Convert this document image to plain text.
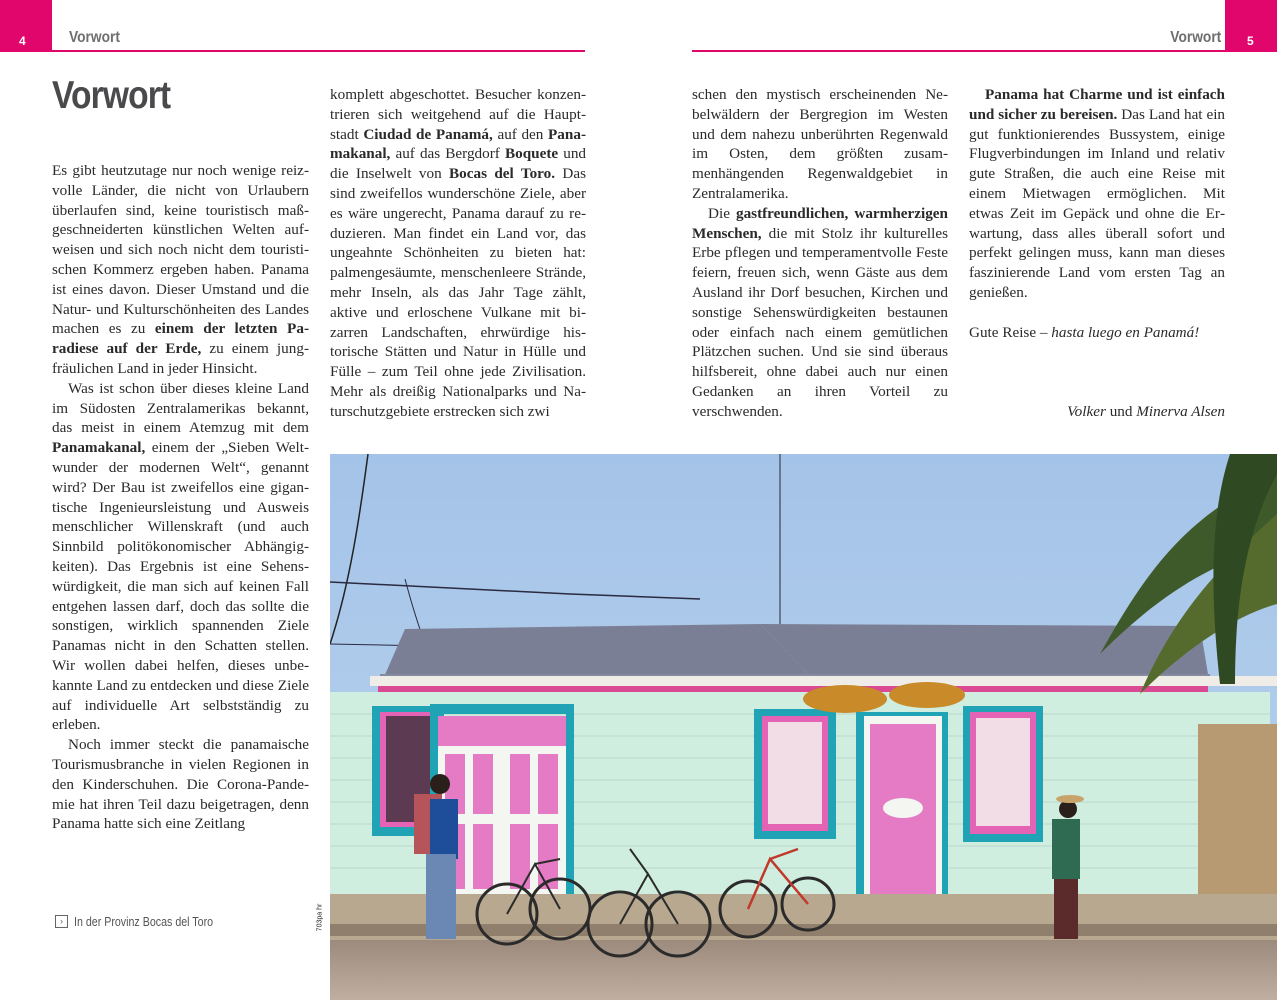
4	Vorwort	5
Vorwort
Vorwort

Es gibt heutzutage nur noch wenige reizvolle Länder, die nicht von Urlaubern überlaufen sind, keine touristisch maßgeschneiderten künstlichen Welten aufweisen und sich noch nicht dem touristischen Kommerz ergeben haben. Panama ist eines davon. Dieser Umstand und die Natur- und Kulturschönheiten des Landes machen es zu einem der letzten Paradiese auf der Erde, zu einem jungfräulichen Land in jeder Hinsicht.

Was ist schon über dieses kleine Land im Südosten Zentralamerikas bekannt, das meist in einem Atemzug mit dem Panamakanal, einem der „Sieben Weltwunder der modernen Welt“, genannt wird? Der Bau ist zweifellos eine gigantische Ingenieursleistung und Ausweis menschlicher Willenskraft (und auch Sinnbild politökonomischer Abhängigkeiten). Das Ergebnis ist eine Sehenswürdigkeit, die man sich auf keinen Fall entgehen lassen darf, doch das sollte die sonstigen, wirklich spannenden Ziele Panamas nicht in den Schatten stellen. Wir wollen dabei helfen, dieses unbekannte Land zu entdecken und diese Ziele auf individuelle Art selbstständig zu erleben.

Noch immer steckt die panamaische Tourismusbranche in vielen Regionen in den Kinderschuhen. Die Corona-Pandemie hat ihren Teil dazu beigetragen, denn Panama hatte sich eine Zeitlang

komplett abgeschottet. Besucher konzentrieren sich weitgehend auf die Hauptstadt Ciudad de Panamá, auf den Panamakanal, auf das Bergdorf Boquete und die Inselwelt von Bocas del Toro. Das sind zweifellos wunderschöne Ziele, aber es wäre ungerecht, Panama darauf zu reduzieren. Man findet ein Land vor, das ungeahnte Schönheiten zu bieten hat: palmengesäumte, menschenleere Strände, mehr Inseln, als das Jahr Tage zählt, aktive und erloschene Vulkane mit bizarren Landschaften, ehrwürdige historische Stätten und Natur in Hülle und Fülle – zum Teil ohne jede Zivilisation. Mehr als dreißig Nationalparks und Naturschutzgebiete erstrecken sich zwi

schen den mystisch erscheinenden Nebelwäldern der Bergregion im Westen und dem nahezu unberührten Regenwald im Osten, dem größten zusammenhängenden Regenwaldgebiet in Zentralamerika.

Die gastfreundlichen, warmherzigen Menschen, die mit Stolz ihr kulturelles Erbe pflegen und temperamentvolle Feste feiern, freuen sich, wenn Gäste aus dem Ausland ihr Dorf besuchen, Kirchen und sonstige Sehenswürdigkeiten bestaunen oder einfach nach einem gemütlichen Plätzchen suchen. Und sie sind überaus hilfsbereit, ohne dabei auch nur einen Gedanken an ihren Vorteil zu verschwenden.

Panama hat Charme und ist einfach und sicher zu bereisen. Das Land hat ein gut funktionierendes Bussystem, einige Flugverbindungen im Inland und relativ gute Straßen, die auch eine Reise mit einem Mietwagen ermöglichen. Mit etwas Zeit im Gepäck und ohne die Erwartung, dass alles überall sofort und perfekt gelingen muss, kann man dieses faszinierende Land vom ersten Tag an genießen.

Gute Reise – hasta luego en Panamá!

Volker und Minerva Alsen

› In der Provinz Bocas del Toro	703pa hr
